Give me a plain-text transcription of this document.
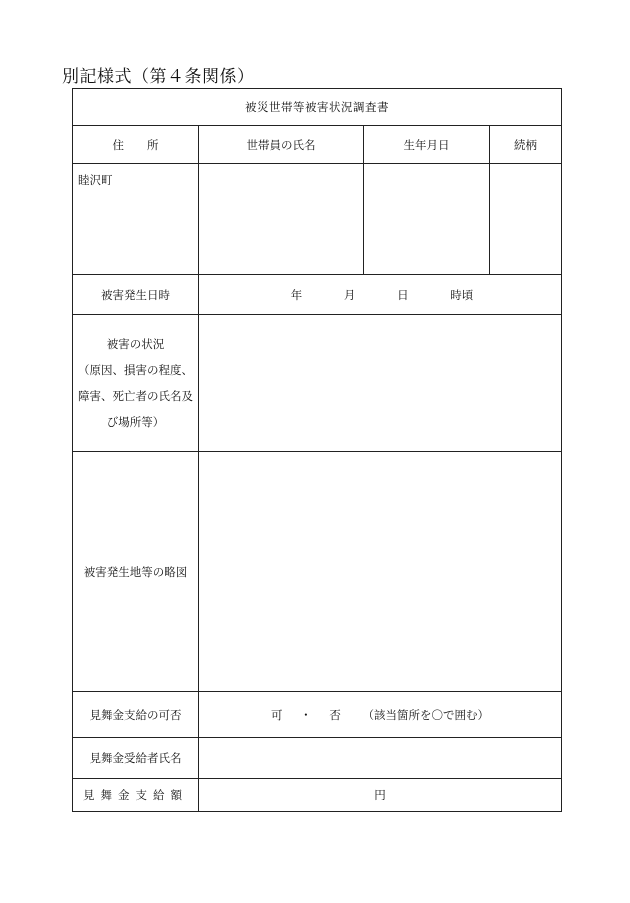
別記様式（第４条関係）
被災世帯等被害状況調査書			
住　　所	世帯員の氏名	生年月日	続柄
睦沢町			
被害発生日時	年 月 日 時頃		

被害の状況
（原因、損害の程度、
障害、死亡者の氏名及
び場所等）			

被害発生地等の略図			
見舞金支給の可否	可 ・ 否 （該当箇所を〇で囲む）		
見舞金受給者氏名			
見舞金支給額	円		
